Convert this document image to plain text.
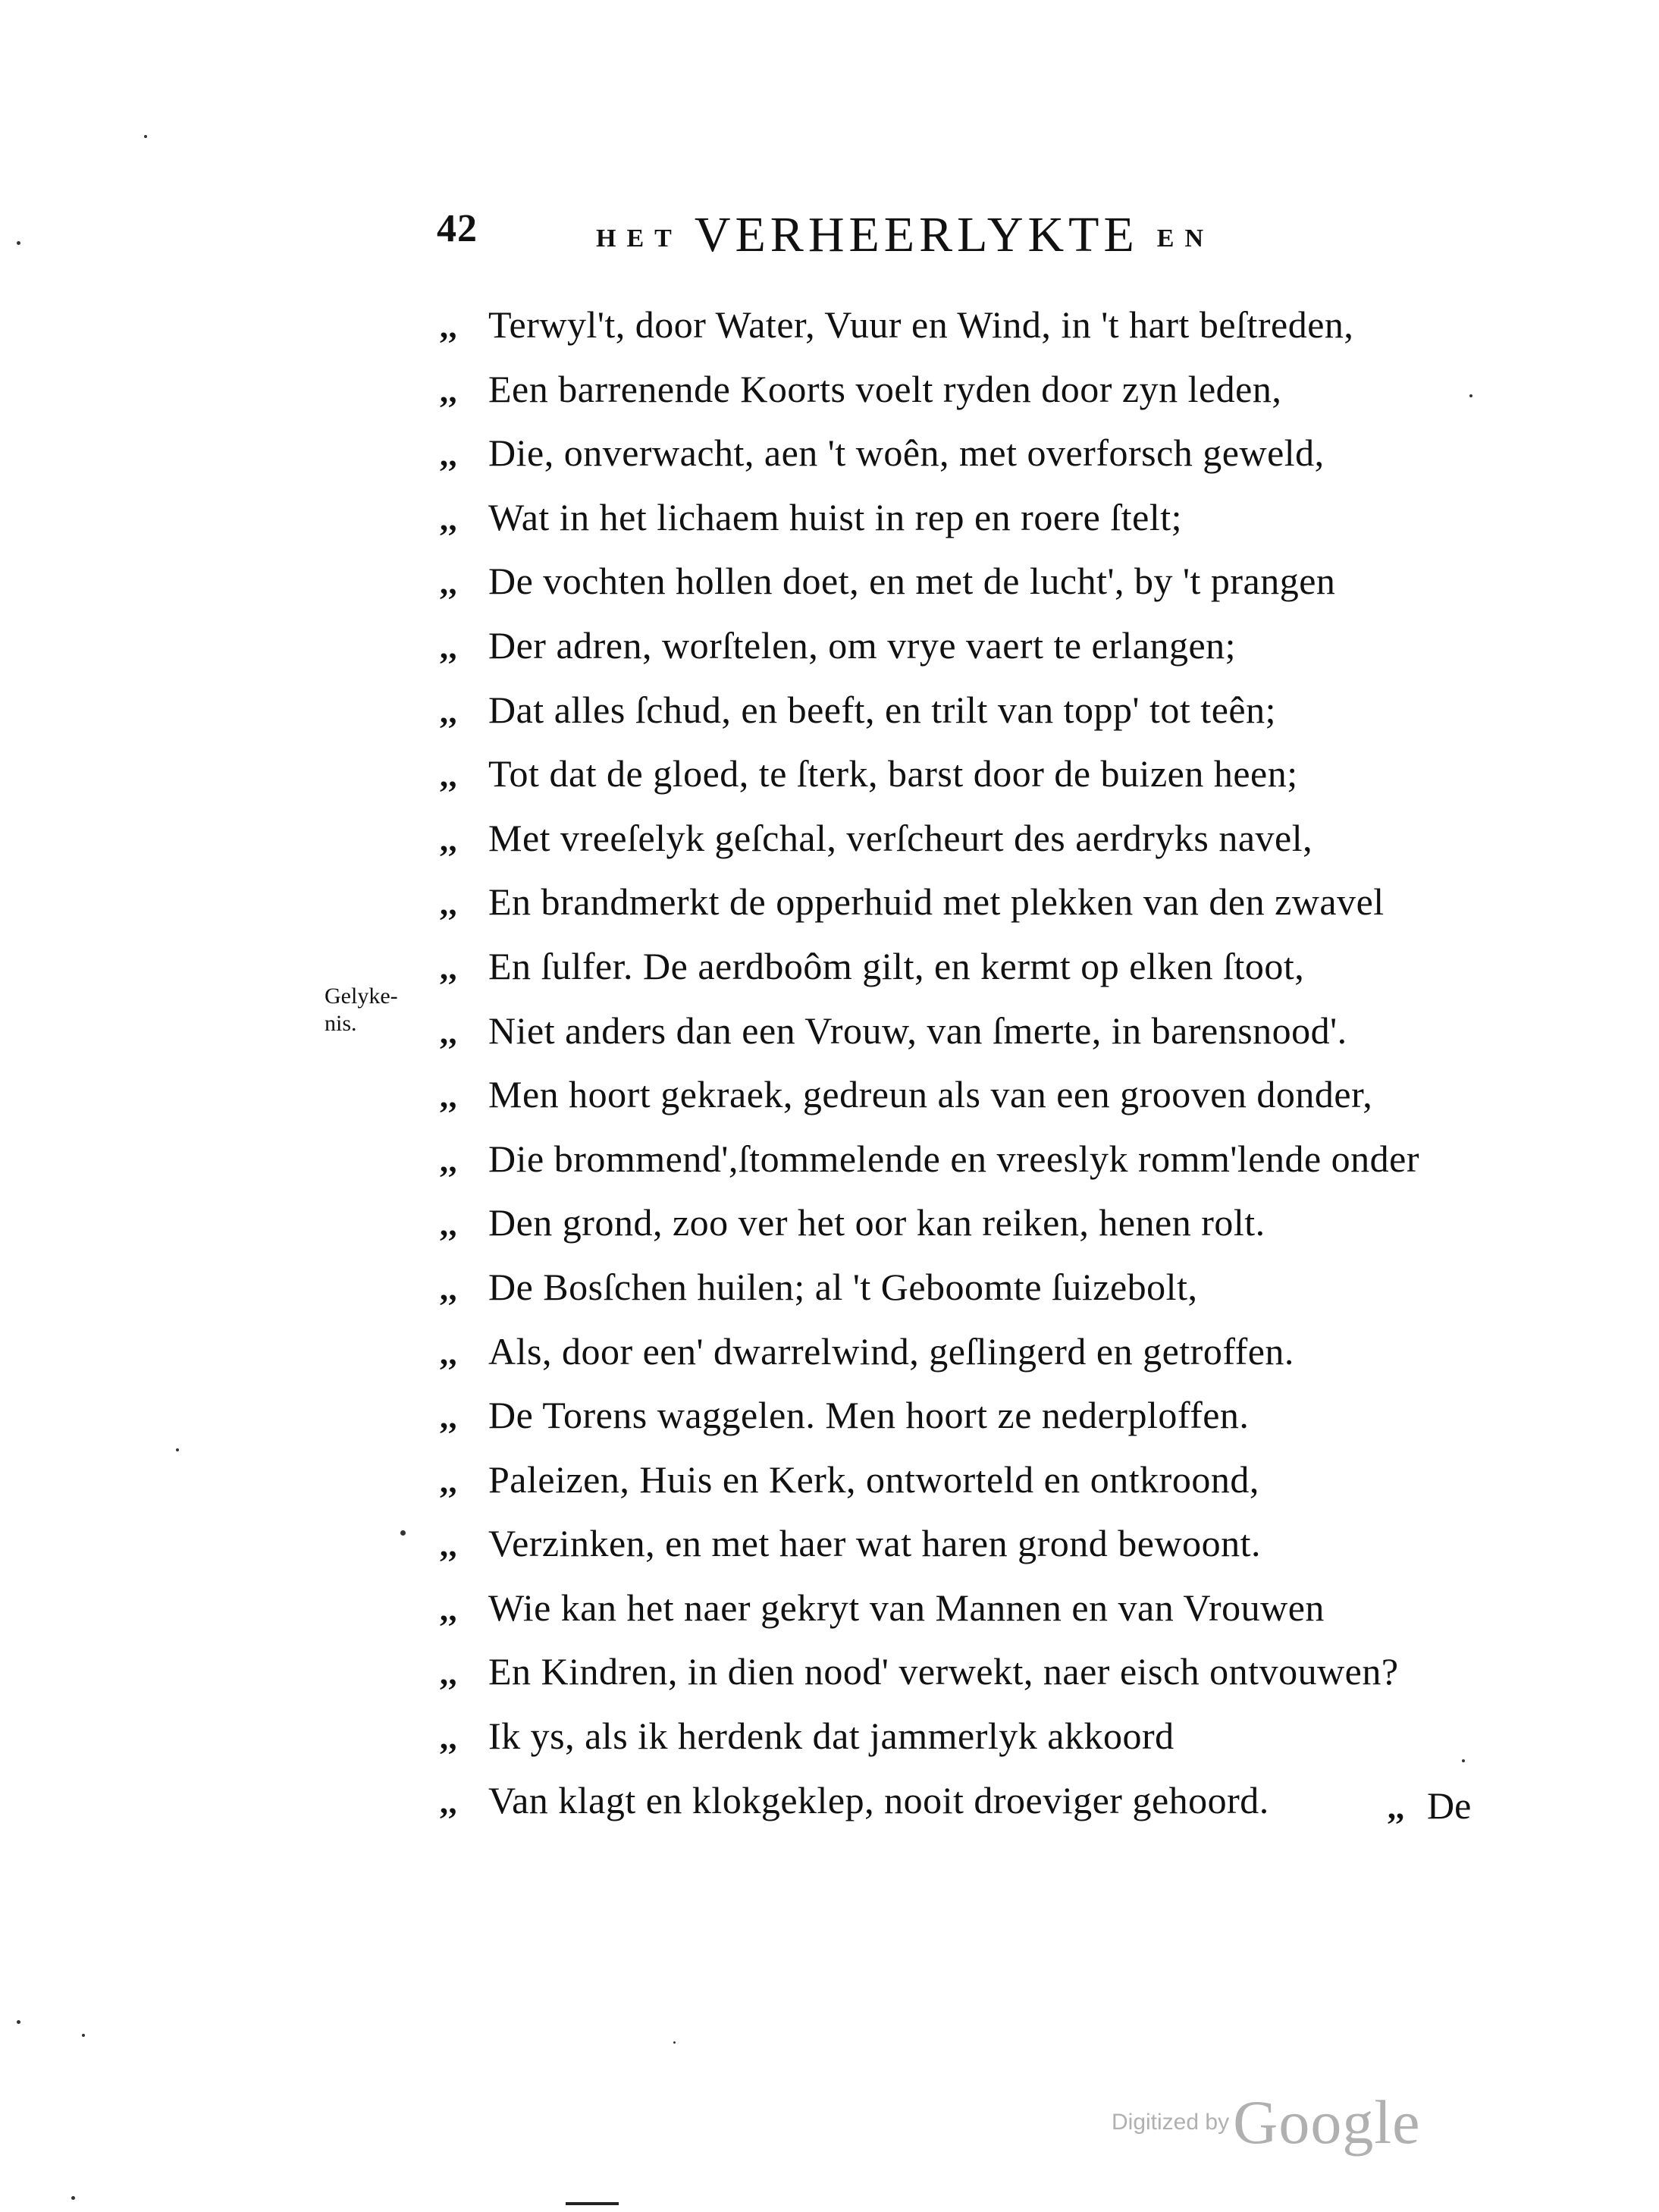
42	HET VERHEERLYKTE EN
Gelyke-
nis.
,, Terwyl't, door Water, Vuur en Wind, in 't hart beſtreden,
,, Een barrenende Koorts voelt ryden door zyn leden,
,, Die, onverwacht, aen 't woên, met overforsch geweld,
,, Wat in het lichaem huist in rep en roere ſtelt;
,, De vochten hollen doet, en met de lucht', by 't prangen
,, Der adren, worſtelen, om vrye vaert te erlangen;
,, Dat alles ſchud, en beeft, en trilt van topp' tot teên;
,, Tot dat de gloed, te ſterk, barst door de buizen heen;
,, Met vreeſelyk geſchal, verſcheurt des aerdryks navel,
,, En brandmerkt de opperhuid met plekken van den zwavel
,, En ſulfer. De aerdboôm gilt, en kermt op elken ſtoot,
,, Niet anders dan een Vrouw, van ſmerte, in barensnood'.
,, Men hoort gekraek, gedreun als van een grooven donder,
,, Die brommend',ſtommelende en vreeslyk romm'lende onder
,, Den grond, zoo ver het oor kan reiken, henen rolt.
,, De Bosſchen huilen; al 't Geboomte ſuizebolt,
,, Als, door een' dwarrelwind, geſlingerd en getroffen.
,, De Torens waggelen. Men hoort ze nederploffen.
,, Paleizen, Huis en Kerk, ontworteld en ontkroond,
,, Verzinken, en met haer wat haren grond bewoont.
,, Wie kan het naer gekryt van Mannen en van Vrouwen
,, En Kindren, in dien nood' verwekt, naer eisch ontvouwen?
,, Ik ys, als ik herdenk dat jammerlyk akkoord
,, Van klagt en klokgeklep, nooit droeviger gehoord.	,, De
Digitized by Google
